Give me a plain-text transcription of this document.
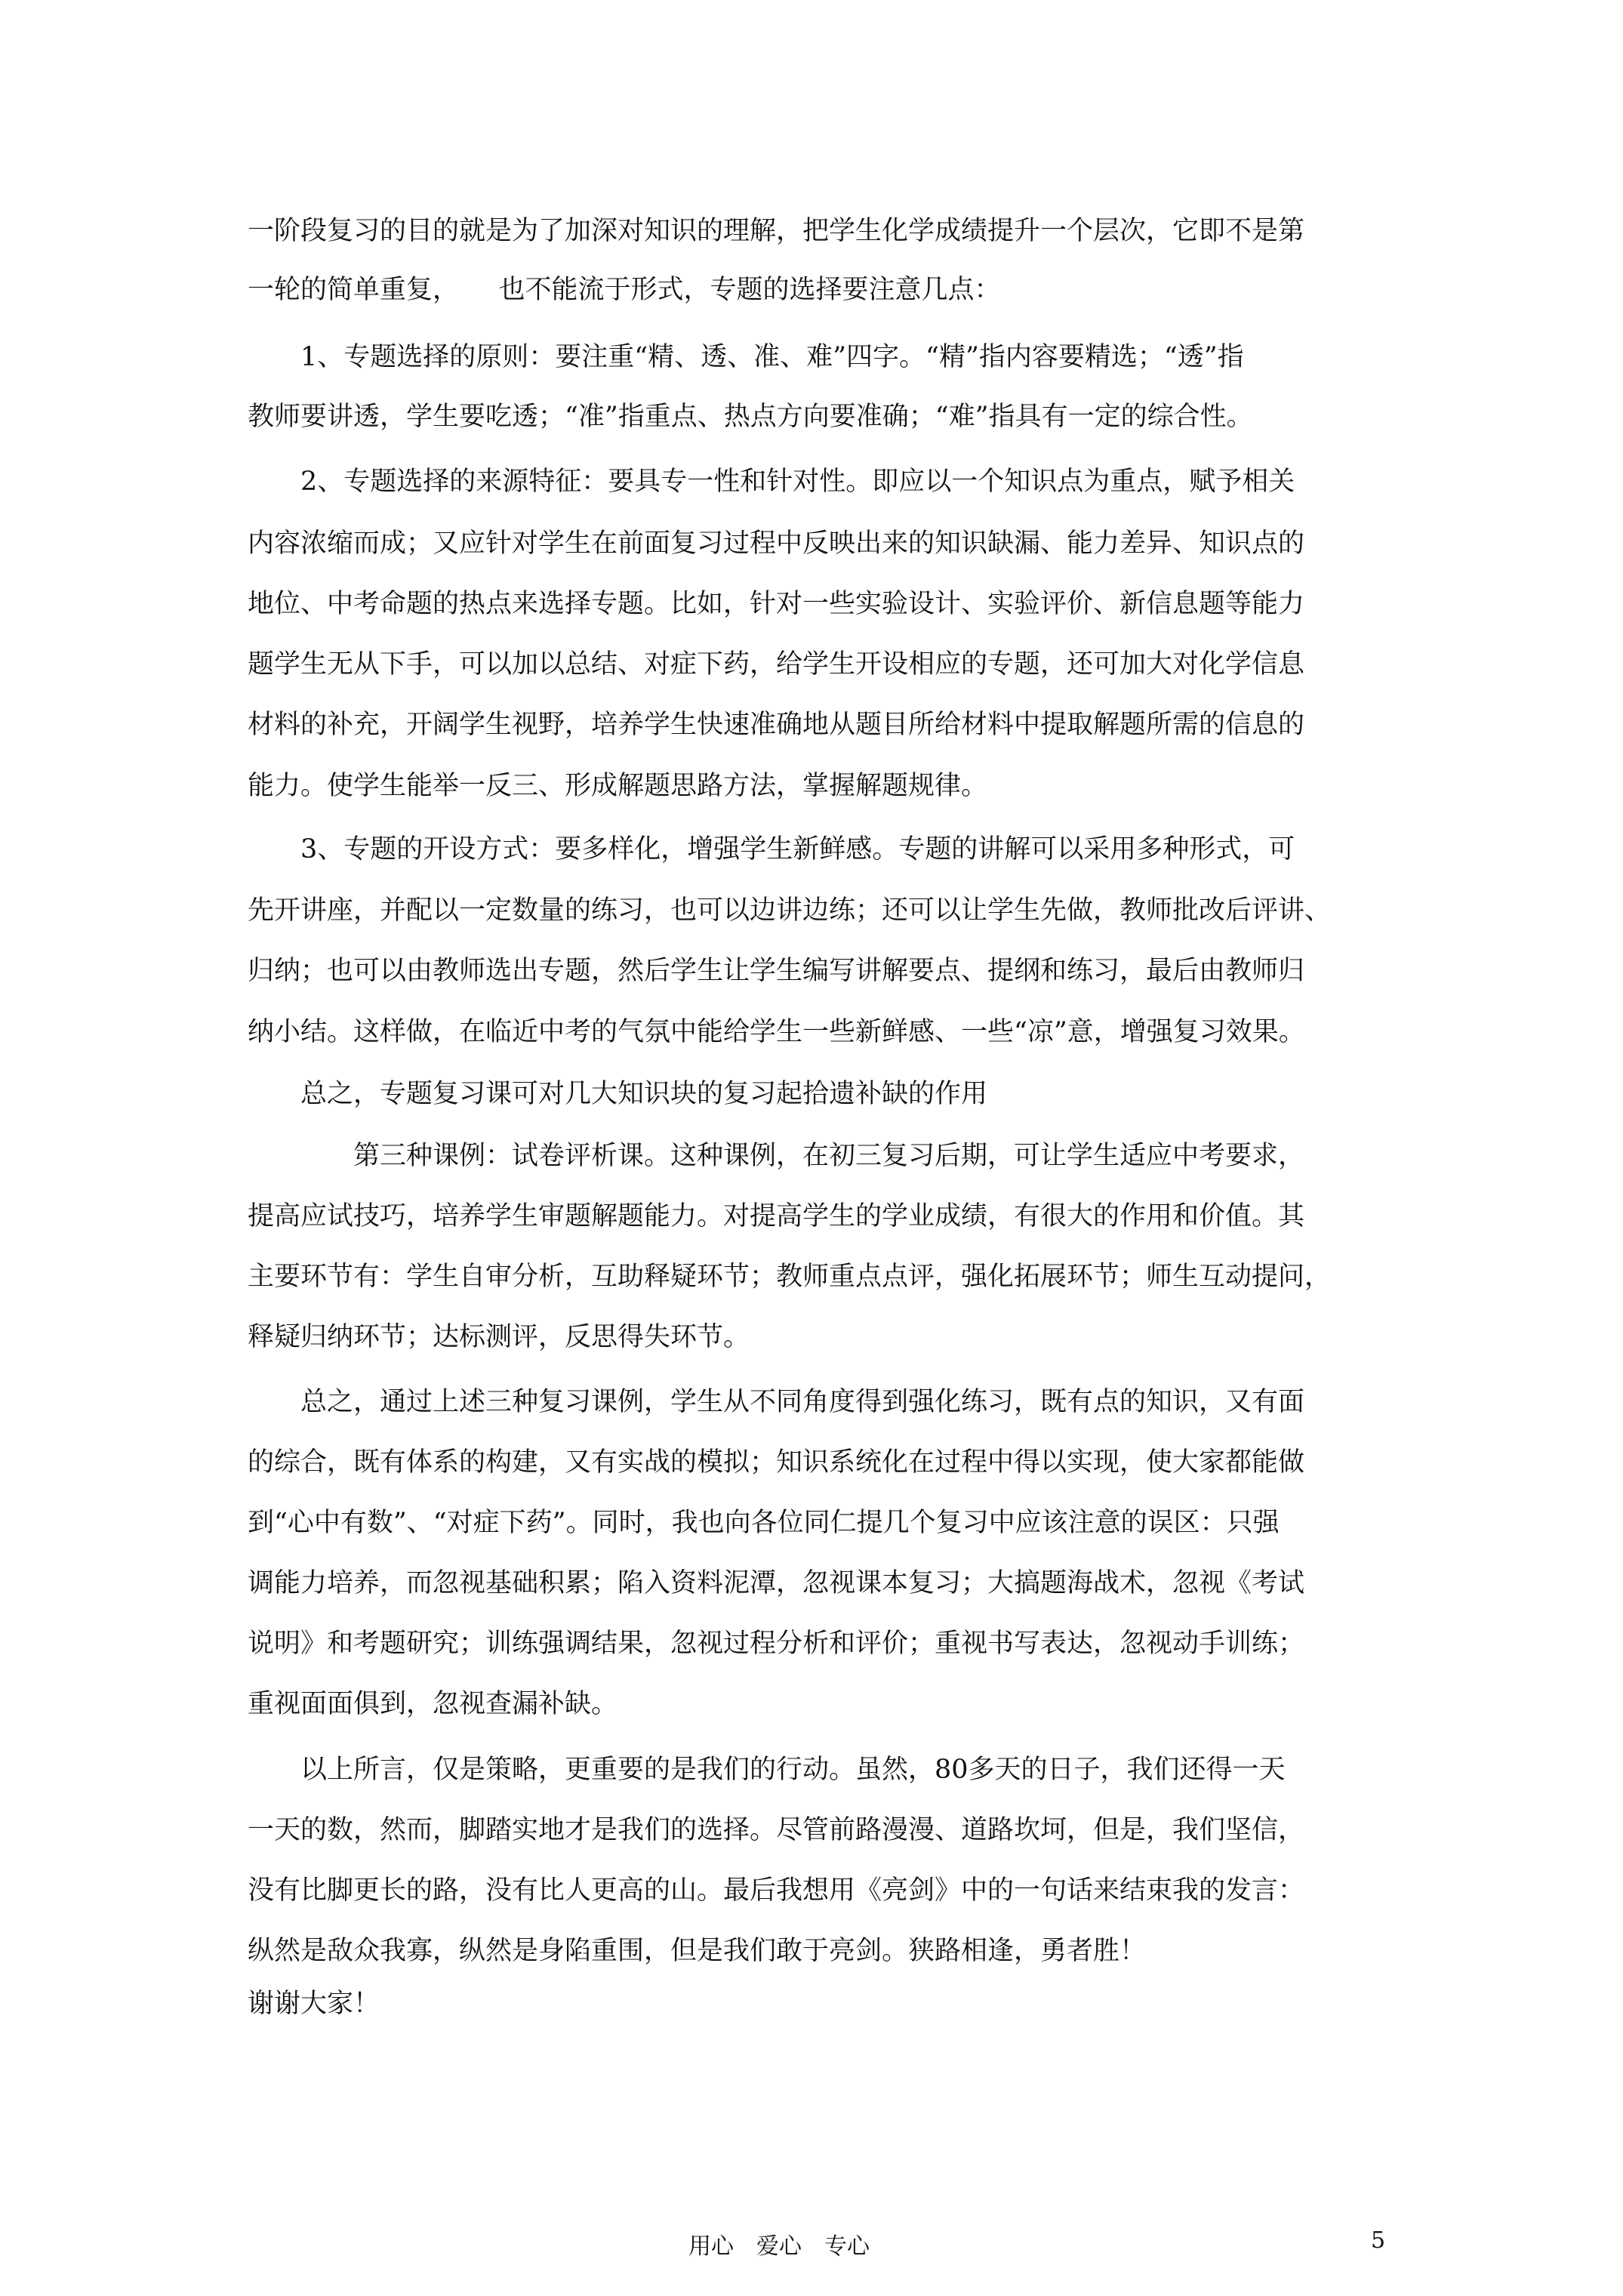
一阶段复习的目的就是为了加深对知识的理解，把学生化学成绩提升一个层次，它即不是第
一轮的简单重复，　　也不能流于形式，专题的选择要注意几点：
1、专题选择的原则：要注重“精、透、准、难”四字。“精”指内容要精选；“透”指
教师要讲透，学生要吃透；“准”指重点、热点方向要准确；“难”指具有一定的综合性。
2、专题选择的来源特征：要具专一性和针对性。即应以一个知识点为重点，赋予相关
内容浓缩而成；又应针对学生在前面复习过程中反映出来的知识缺漏、能力差异、知识点的
地位、中考命题的热点来选择专题。比如，针对一些实验设计、实验评价、新信息题等能力
题学生无从下手，可以加以总结、对症下药，给学生开设相应的专题，还可加大对化学信息
材料的补充，开阔学生视野，培养学生快速准确地从题目所给材料中提取解题所需的信息的
能力。使学生能举一反三、形成解题思路方法，掌握解题规律。
3、专题的开设方式：要多样化，增强学生新鲜感。专题的讲解可以采用多种形式，可
先开讲座，并配以一定数量的练习，也可以边讲边练；还可以让学生先做，教师批改后评讲、
归纳；也可以由教师选出专题，然后学生让学生编写讲解要点、提纲和练习，最后由教师归
纳小结。这样做，在临近中考的气氛中能给学生一些新鲜感、一些“凉”意，增强复习效果。
总之，专题复习课可对几大知识块的复习起拾遗补缺的作用
第三种课例：试卷评析课。这种课例，在初三复习后期，可让学生适应中考要求，
提高应试技巧，培养学生审题解题能力。对提高学生的学业成绩，有很大的作用和价值。其
主要环节有：学生自审分析，互助释疑环节；教师重点点评，强化拓展环节；师生互动提问，
释疑归纳环节；达标测评，反思得失环节。
总之，通过上述三种复习课例，学生从不同角度得到强化练习，既有点的知识，又有面
的综合，既有体系的构建，又有实战的模拟；知识系统化在过程中得以实现，使大家都能做
到“心中有数”、“对症下药”。同时，我也向各位同仁提几个复习中应该注意的误区：只强
调能力培养，而忽视基础积累；陷入资料泥潭，忽视课本复习；大搞题海战术，忽视《考试
说明》和考题研究；训练强调结果，忽视过程分析和评价；重视书写表达，忽视动手训练；
重视面面俱到，忽视查漏补缺。
以上所言，仅是策略，更重要的是我们的行动。虽然，80多天的日子，我们还得一天
一天的数，然而，脚踏实地才是我们的选择。尽管前路漫漫、道路坎坷，但是，我们坚信，
没有比脚更长的路，没有比人更高的山。最后我想用《亮剑》中的一句话来结束我的发言：
纵然是敌众我寡，纵然是身陷重围，但是我们敢于亮剑。狭路相逢，勇者胜！
谢谢大家！
用心　爱心　专心	5
